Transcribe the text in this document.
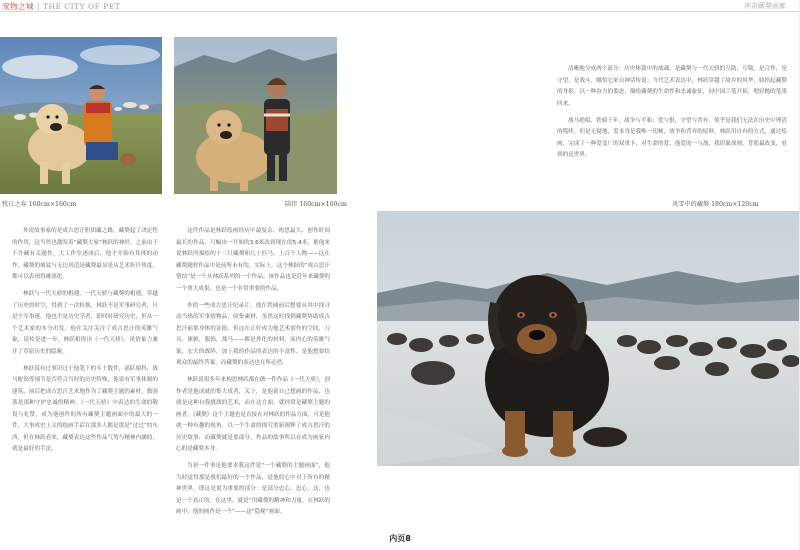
宠物之城 | THE CITY OF PET	神奇藏獒画廊
牧日之春 160cm×160cm	陪伴 160cm×160cm

清晰地分成两个部分：历史体裁中的战魂，是藏獒与一代天骄的互助，互敬，是合作，是守望，是战斗，哪怕它来自神话传说；当代艺术表达中，林跃穿越了故乡的风华，收拾起藏獒的身影，以一种奋力的姿态，描绘藏獒的生命性和忠诚象征，同中国工笔开拓，嗯轻抛的笔墨回来。

战马绝唱、铁骑千年，战争与平和；爱与恨，守望与背弃，似乎是我们无法在历史中理清的缆绊，但是无疑地，爱本身是我唯一切梗，战争和背弃的原料，林跃用自有的方式，通过绘画，完成了一种爱变广的双重卡，对生命的爱、他爱的一与战，我印象深刻，背影最改变，看到的是世界。

风雪中的藏獒 180cm×120cm

外说故事家的是成吉思汗胆团藏之路，藏獒起了决定性的作用，这当然也激发着“藏獒大家”林跃的神经，之前由于不许藏有关题作，大工作室逐成后，他才开始有其体的动作，藏獒的威猛与无边风范是藏獒最显是从艺术折许角度，都可以表现得淋漓化。

林跃与一代天骄的相遇，一代天骄与藏獒的相遇，穿越了历史的时空，得到了一次转换，林跃不是军事研究者，只是个军事迷，他也不是历史学者，即回时研究历史，但从一个艺术家的本分出发，他在关注关注了成吉思汗的英雄气象，说传是进一步，林跃相得出《一代天骄》，风情象力兼并了草原历史的隐秘。

林跃说有过事识过于他笔下的斗士数件，部队娘科，战马配饰等细节是否符合当时的历史特殊，他说有军事体制的建筑，前后把成吉思汗艺术地作为了藏獒主题的素材，数弥蓝是那种守护忠诚的精神，《一代天骄》中表达的生命的敬畏与礼赞，成为他创作的所有藏獒主题画面中的最大的一件，大事成史上文的绘画手话在那多人都是那是“过过”的东西，但在林跃看来，藏獒表达这些作品气势与精神内涵的，就是最好的手法。

这件作品是林跃绘画经历中最复杂、构思最久、创作时间最长的作品，尺幅由一开始的3.6米改到现在的5.4米，据他来说林跃所描绘的十三只藏獒和几十匹马，上百个人物——这在藏獒题材作品中是前所未有的，实际上，这个林跃的“成吉思汗情结”是一个从林跃系列的一个作品。该作品也是近年来藏獒的一个重大成果，也是一个非常重要的作品。

外的一些成吉思汗纪录片，他在铁阔前后想要从其中找寻动当热的军事情物品，收集素材，虽然这时找到藏獒协助成吉思汗前那身体的证据，但这在正好成为他艺术创作的空间，刀具，旗帜，服饰，战马——都是外化的材料，而内心的英雄气象，宏大的战阵，加上我的作品所表达的丰富性，是他想要给观众的最终答案，而藏獒的表达也在所必然。

林跃说很多年来构思林跃都在做一件作品《一代天骄》，创作者是他成就的集大成者，关于，是他说自己想画的作品，也就是这种自我挑战的艺术，而在这方面，就经常是藏獒主题的画者，《藏獒》这个主题也是直接在对林跃的作品方面，可是他就一种有趣的视角，以一个生命的探究重新阐释了成吉思汗的历史故事，而藏獒就是那部分，作品的故事所以在成为画家内心的是藏獒本身。

当初一件事是他要求我这件是“一个藏獒的主题画面”，他当时觉得那是我们最好的一个作品，是他的心中对于所有的精神世界，即这是更为重要的部分：是部分忠心，忠心，这，也是一个真正的。在这里，就是“用藏獒的精神和力量，在林跃的画中，他的画作是一个”——这“隐秘”画面。

内页8
